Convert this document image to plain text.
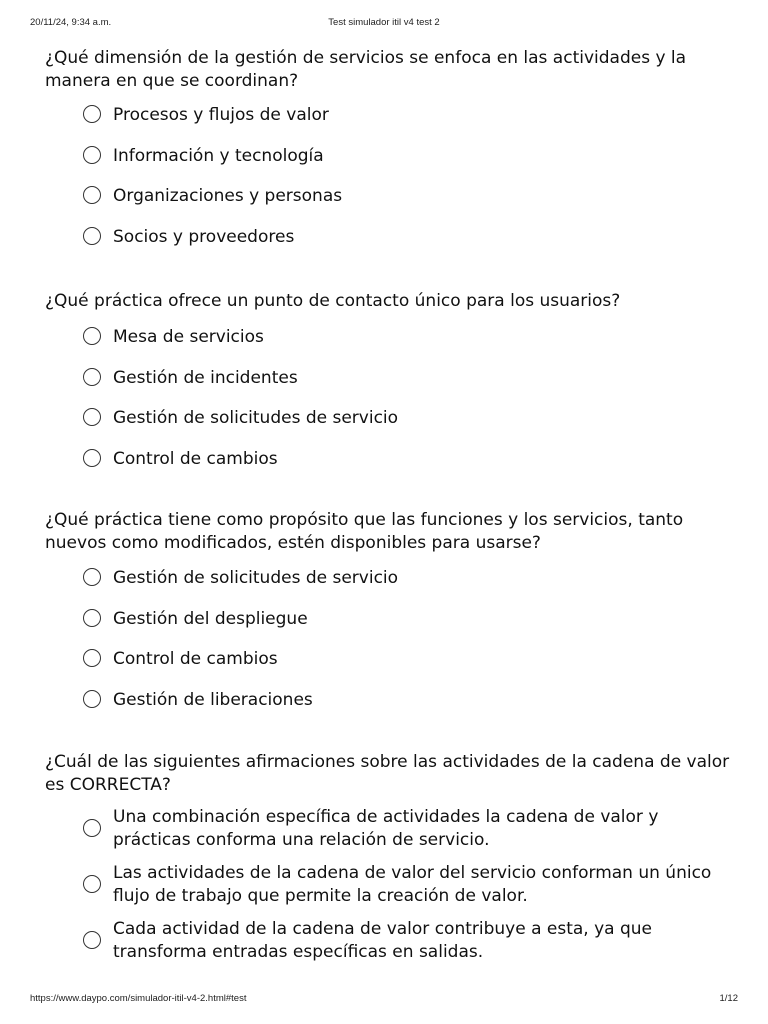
20/11/24, 9:34 a.m.	Test simulador itil v4 test 2

¿Qué dimensión de la gestión de servicios se enfoca en las actividades y la manera en que se coordinan?

Procesos y flujos de valor
Información y tecnología
Organizaciones y personas
Socios y proveedores

¿Qué práctica ofrece un punto de contacto único para los usuarios?

Mesa de servicios
Gestión de incidentes
Gestión de solicitudes de servicio
Control de cambios

¿Qué práctica tiene como propósito que las funciones y los servicios, tanto nuevos como modificados, estén disponibles para usarse?

Gestión de solicitudes de servicio
Gestión del despliegue
Control de cambios
Gestión de liberaciones

¿Cuál de las siguientes afirmaciones sobre las actividades de la cadena de valor es CORRECTA?

Una combinación específica de actividades la cadena de valor y prácticas conforma una relación de servicio.
Las actividades de la cadena de valor del servicio conforman un único flujo de trabajo que permite la creación de valor.
Cada actividad de la cadena de valor contribuye a esta, ya que transforma entradas específicas en salidas.
https://www.daypo.com/simulador-itil-v4-2.html#test	1/12
